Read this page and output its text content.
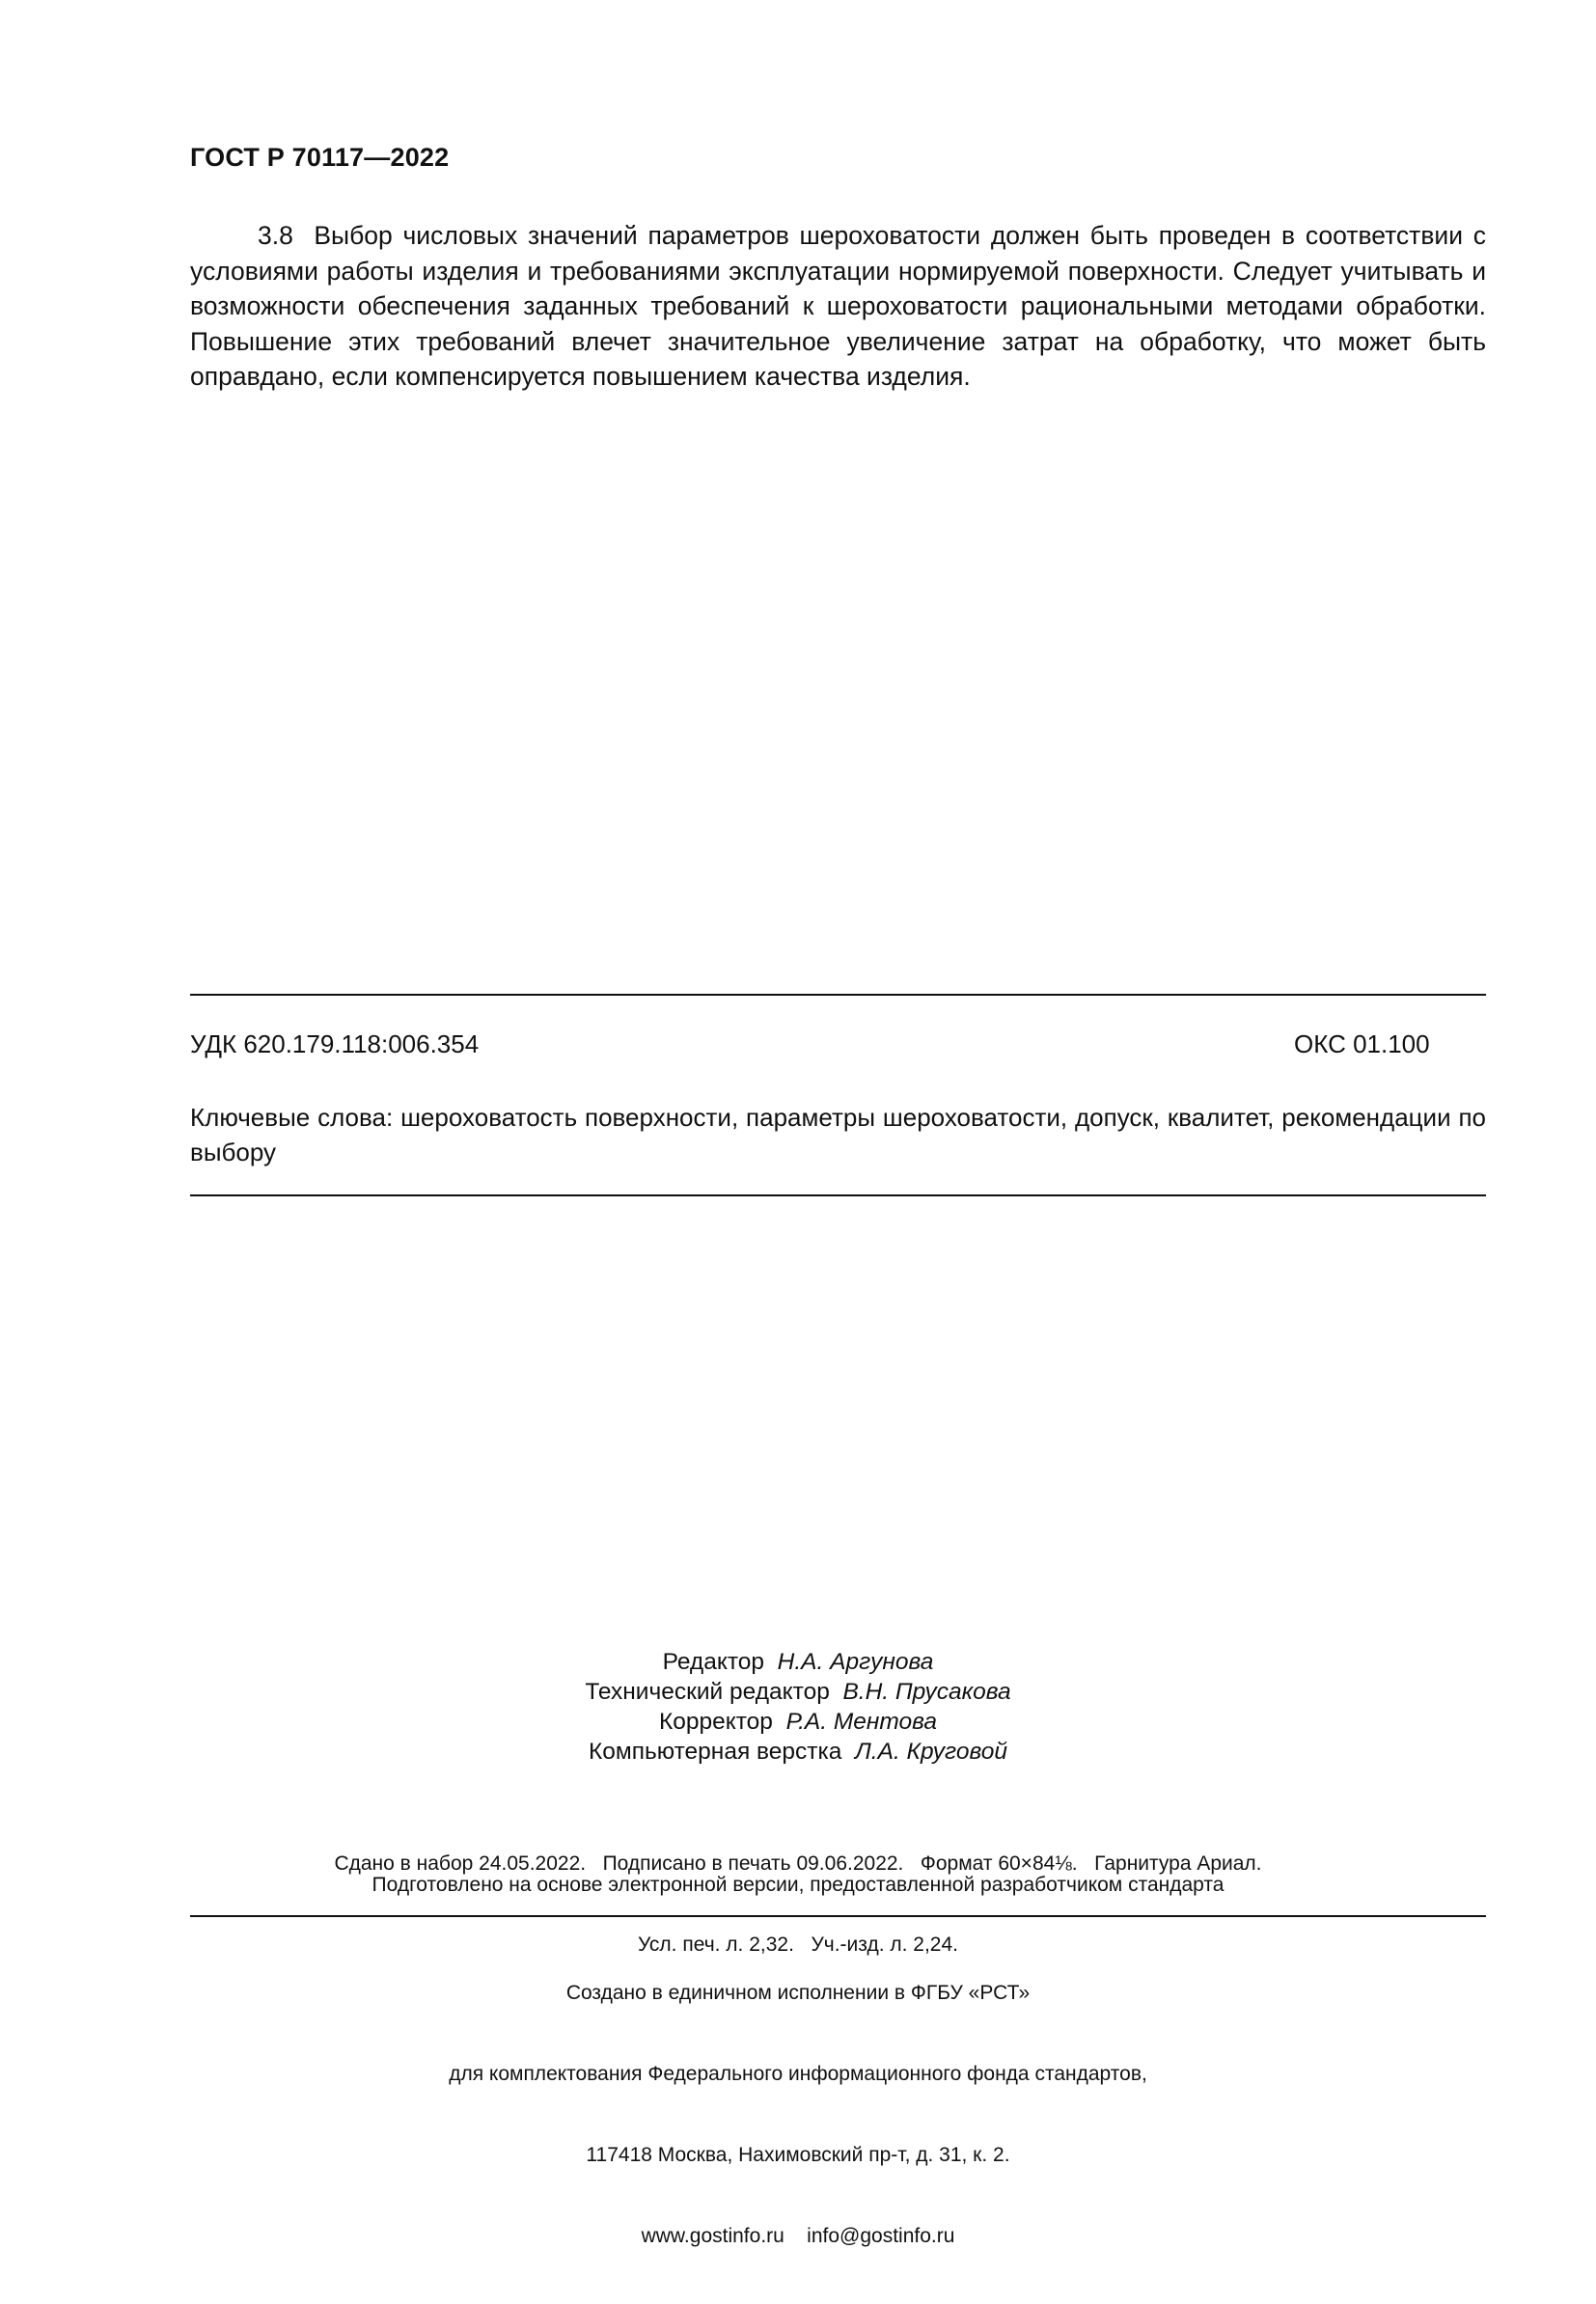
ГОСТ Р 70117—2022

3.8 Выбор числовых значений параметров шероховатости должен быть проведен в соответствии с условиями работы изделия и требованиями эксплуатации нормируемой поверхности. Следует учитывать и возможности обеспечения заданных требований к шероховатости рациональными методами обработки. Повышение этих требований влечет значительное увеличение затрат на обработку, что может быть оправдано, если компенсируется повышением качества изделия.

УДК 620.179.118:006.354	ОКС 01.100

Ключевые слова: шероховатость поверхности, параметры шероховатости, допуск, квалитет, рекомендации по выбору

Редактор Н.А. Аргунова
Технический редактор В.Н. Прусакова
Корректор Р.А. Ментова
Компьютерная верстка Л.А. Круговой

Сдано в набор 24.05.2022.   Подписано в печать 09.06.2022.   Формат 60×84⅛.   Гарнитура Ариал.

Усл. печ. л. 2,32.   Уч.-изд. л. 2,24.

Подготовлено на основе электронной версии, предоставленной разработчиком стандарта

Создано в единичном исполнении в ФГБУ «РСТ»

для комплектования Федерального информационного фонда стандартов,

117418 Москва, Нахимовский пр-т, д. 31, к. 2.

www.gostinfo.ru    info@gostinfo.ru
